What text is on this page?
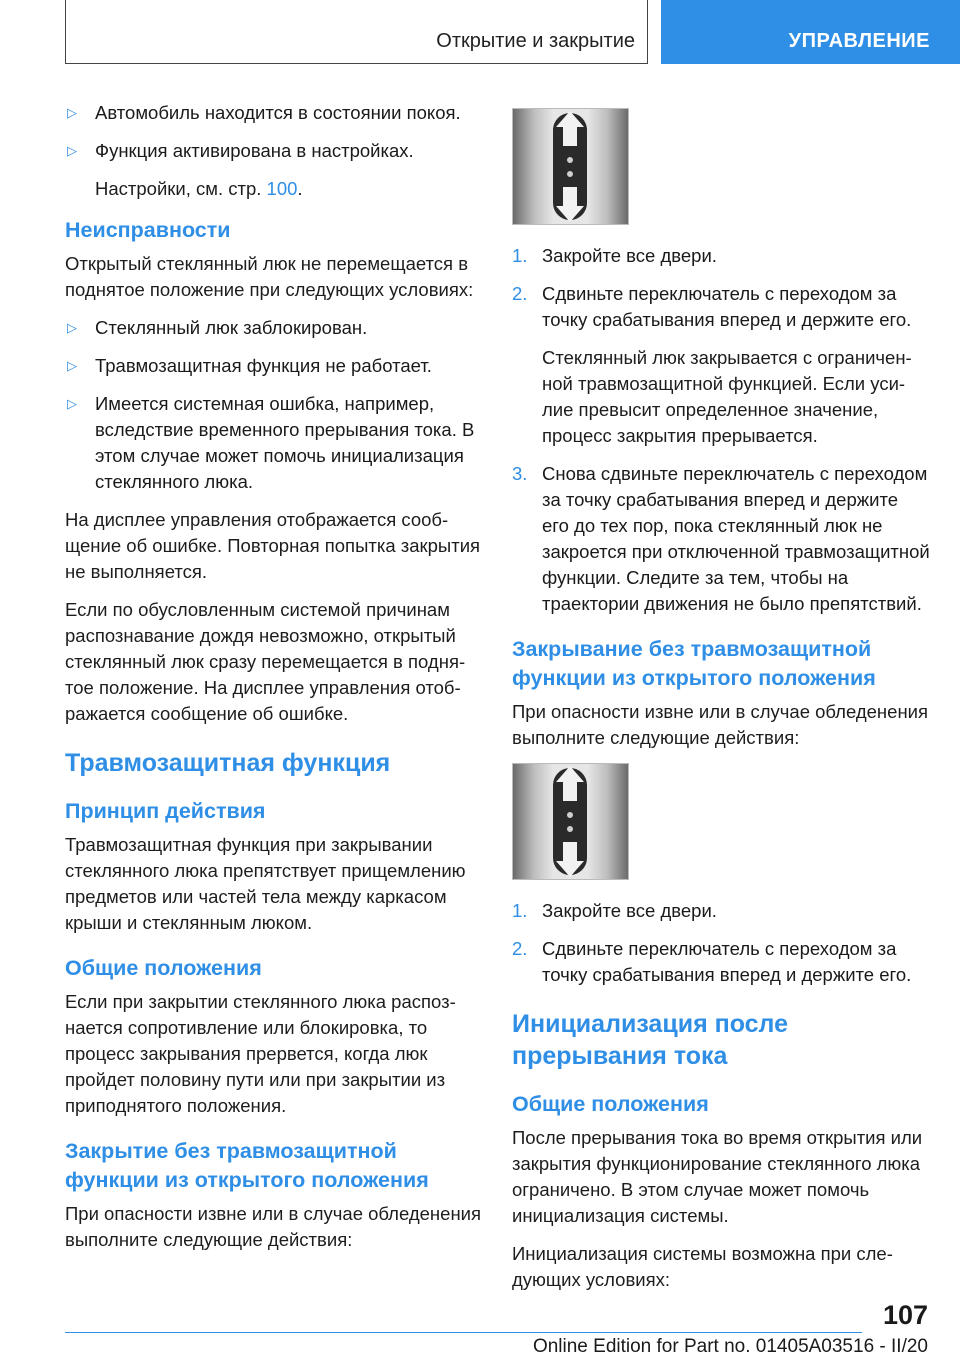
Открытие и закрытие	УПРАВЛЕНИЕ
▷ Автомобиль находится в состоянии покоя.
▷ Функция активирована в настройках.

Настройки, см. стр. 100.

Неисправности

Открытый стеклянный люк не перемещается в поднятое положение при следующих условиях:

▷ Стеклянный люк заблокирован.
▷ Травмозащитная функция не работает.
▷ Имеется системная ошибка, например, вследствие временного прерывания тока. В этом случае может помочь инициализация стеклянного люка.

На дисплее управления отображается сообщение об ошибке. Повторная попытка закрытия не выполняется.

Если по обусловленным системой причинам распознавание дождя невозможно, открытый стеклянный люк сразу перемещается в поднятое положение. На дисплее управления отображается сообщение об ошибке.

Травмозащитная функция
Принцип действия

Травмозащитная функция при закрывании стеклянного люка препятствует прищемлению предметов или частей тела между каркасом крыши и стеклянным люком.

Общие положения

Если при закрытии стеклянного люка распознается сопротивление или блокировка, то процесс закрывания прервется, когда люк пройдет половину пути или при закрытии из приподнятого положения.

Закрытие без травмозащитной функции из открытого положения

При опасности извне или в случае обледенения выполните следующие действия:

1. Закройте все двери.
2. Сдвиньте переключатель с переходом за точку срабатывания вперед и держите его.

Стеклянный люк закрывается с ограниченной травмозащитной функцией. Если усилие превысит определенное значение, процесс закрытия прерывается.

3. Снова сдвиньте переключатель с переходом за точку срабатывания вперед и держите его до тех пор, пока стеклянный люк не закроется при отключенной травмозащитной функции. Следите за тем, чтобы на траектории движения не было препятствий.
Закрывание без травмозащитной функции из открытого положения

При опасности извне или в случае обледенения выполните следующие действия:

1. Закройте все двери.
2. Сдвиньте переключатель с переходом за точку срабатывания вперед и держите его.
Инициализация после прерывания тока
Общие положения

После прерывания тока во время открытия или закрытия функционирование стеклянного люка ограничено. В этом случае может помочь инициализация системы.

Инициализация системы возможна при следующих условиях:

107
Online Edition for Part no. 01405A03516 - II/20
